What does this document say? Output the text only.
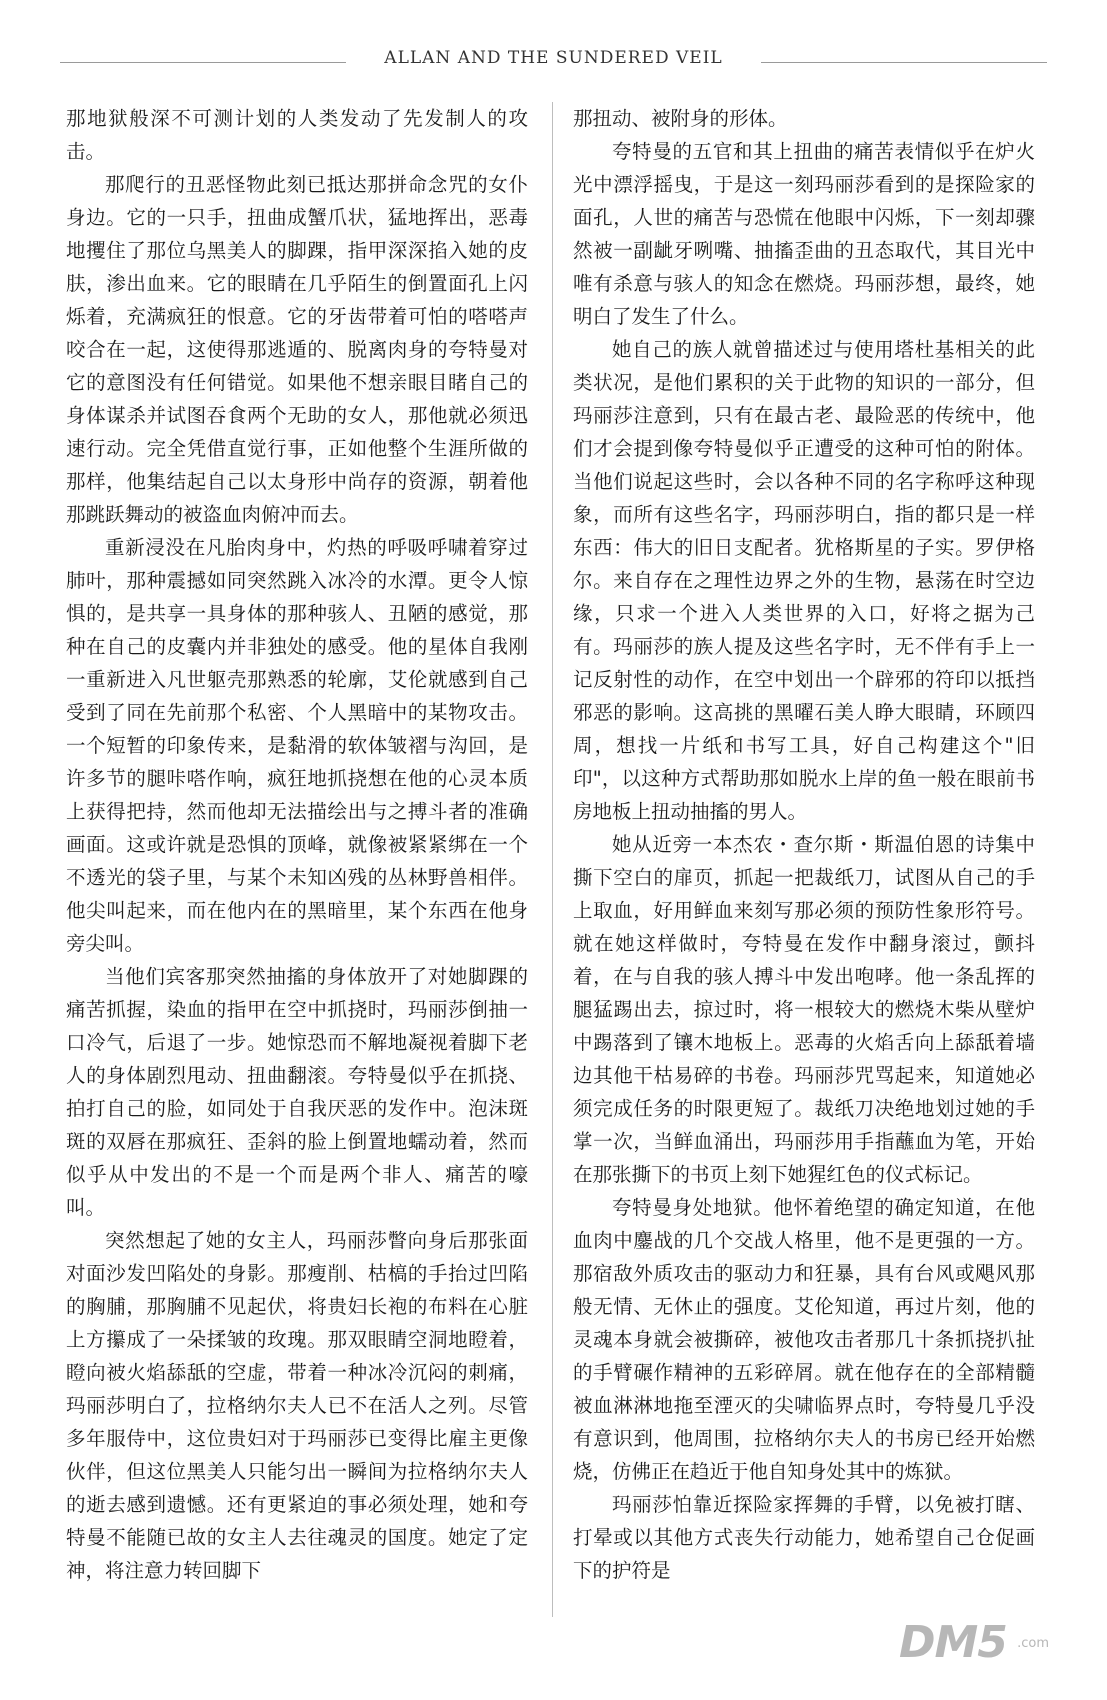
ALLAN AND THE SUNDERED VEIL

那地狱般深不可测计划的人类发动了先发制人的攻击。

那爬行的丑恶怪物此刻已抵达那拼命念咒的女仆身边。它的一只手，扭曲成蟹爪状，猛地挥出，恶毒地攫住了那位乌黑美人的脚踝，指甲深深掐入她的皮肤，渗出血来。它的眼睛在几乎陌生的倒置面孔上闪烁着，充满疯狂的恨意。它的牙齿带着可怕的嗒嗒声咬合在一起，这使得那逃遁的、脱离肉身的夸特曼对它的意图没有任何错觉。如果他不想亲眼目睹自己的身体谋杀并试图吞食两个无助的女人，那他就必须迅速行动。完全凭借直觉行事，正如他整个生涯所做的那样，他集结起自己以太身形中尚存的资源，朝着他那跳跃舞动的被盗血肉俯冲而去。

重新浸没在凡胎肉身中，灼热的呼吸呼啸着穿过肺叶，那种震撼如同突然跳入冰冷的水潭。更令人惊惧的，是共享一具身体的那种骇人、丑陋的感觉，那种在自己的皮囊内并非独处的感受。他的星体自我刚一重新进入凡世躯壳那熟悉的轮廓，艾伦就感到自己受到了同在先前那个私密、个人黑暗中的某物攻击。一个短暂的印象传来，是黏滑的软体皱褶与沟回，是许多节的腿咔嗒作响，疯狂地抓挠想在他的心灵本质上获得把持，然而他却无法描绘出与之搏斗者的准确画面。这或许就是恐惧的顶峰，就像被紧紧绑在一个不透光的袋子里，与某个未知凶残的丛林野兽相伴。他尖叫起来，而在他内在的黑暗里，某个东西在他身旁尖叫。

当他们宾客那突然抽搐的身体放开了对她脚踝的痛苦抓握，染血的指甲在空中抓挠时，玛丽莎倒抽一口冷气，后退了一步。她惊恐而不解地凝视着脚下老人的身体剧烈甩动、扭曲翻滚。夸特曼似乎在抓挠、拍打自己的脸，如同处于自我厌恶的发作中。泡沫斑斑的双唇在那疯狂、歪斜的脸上倒置地蠕动着，然而似乎从中发出的不是一个而是两个非人、痛苦的嚎叫。

突然想起了她的女主人，玛丽莎瞥向身后那张面对面沙发凹陷处的身影。那瘦削、枯槁的手抬过凹陷的胸脯，那胸脯不见起伏，将贵妇长袍的布料在心脏上方攥成了一朵揉皱的玫瑰。那双眼睛空洞地瞪着，瞪向被火焰舔舐的空虚，带着一种冰冷沉闷的刺痛，玛丽莎明白了，拉格纳尔夫人已不在活人之列。尽管多年服侍中，这位贵妇对于玛丽莎已变得比雇主更像伙伴，但这位黑美人只能匀出一瞬间为拉格纳尔夫人的逝去感到遗憾。还有更紧迫的事必须处理，她和夸特曼不能随已故的女主人去往魂灵的国度。她定了定神，将注意力转回脚下

那扭动、被附身的形体。

夸特曼的五官和其上扭曲的痛苦表情似乎在炉火光中漂浮摇曳，于是这一刻玛丽莎看到的是探险家的面孔，人世的痛苦与恐慌在他眼中闪烁，下一刻却骤然被一副龇牙咧嘴、抽搐歪曲的丑态取代，其目光中唯有杀意与骇人的知念在燃烧。玛丽莎想，最终，她明白了发生了什么。

她自己的族人就曾描述过与使用塔杜基相关的此类状况，是他们累积的关于此物的知识的一部分，但玛丽莎注意到，只有在最古老、最险恶的传统中，他们才会提到像夸特曼似乎正遭受的这种可怕的附体。当他们说起这些时，会以各种不同的名字称呼这种现象，而所有这些名字，玛丽莎明白，指的都只是一样东西：伟大的旧日支配者。犹格斯星的子实。罗伊格尔。来自存在之理性边界之外的生物，悬荡在时空边缘，只求一个进入人类世界的入口，好将之据为己有。玛丽莎的族人提及这些名字时，无不伴有手上一记反射性的动作，在空中划出一个辟邪的符印以抵挡邪恶的影响。这高挑的黑曜石美人睁大眼睛，环顾四周，想找一片纸和书写工具，好自己构建这个"旧印"，以这种方式帮助那如脱水上岸的鱼一般在眼前书房地板上扭动抽搐的男人。

她从近旁一本杰农・查尔斯・斯温伯恩的诗集中撕下空白的扉页，抓起一把裁纸刀，试图从自己的手上取血，好用鲜血来刻写那必须的预防性象形符号。就在她这样做时，夸特曼在发作中翻身滚过，颤抖着，在与自我的骇人搏斗中发出咆哮。他一条乱挥的腿猛踢出去，掠过时，将一根较大的燃烧木柴从壁炉中踢落到了镶木地板上。恶毒的火焰舌向上舔舐着墙边其他干枯易碎的书卷。玛丽莎咒骂起来，知道她必须完成任务的时限更短了。裁纸刀决绝地划过她的手掌一次，当鲜血涌出，玛丽莎用手指蘸血为笔，开始在那张撕下的书页上刻下她猩红色的仪式标记。

夸特曼身处地狱。他怀着绝望的确定知道，在他血肉中鏖战的几个交战人格里，他不是更强的一方。那宿敌外质攻击的驱动力和狂暴，具有台风或飓风那般无情、无休止的强度。艾伦知道，再过片刻，他的灵魂本身就会被撕碎，被他攻击者那几十条抓挠扒扯的手臂碾作精神的五彩碎屑。就在他存在的全部精髓被血淋淋地拖至湮灭的尖啸临界点时，夸特曼几乎没有意识到，他周围，拉格纳尔夫人的书房已经开始燃烧，仿佛正在趋近于他自知身处其中的炼狱。

玛丽莎怕靠近探险家挥舞的手臂，以免被打瞎、打晕或以其他方式丧失行动能力，她希望自己仓促画下的护符是

DM5 .com
